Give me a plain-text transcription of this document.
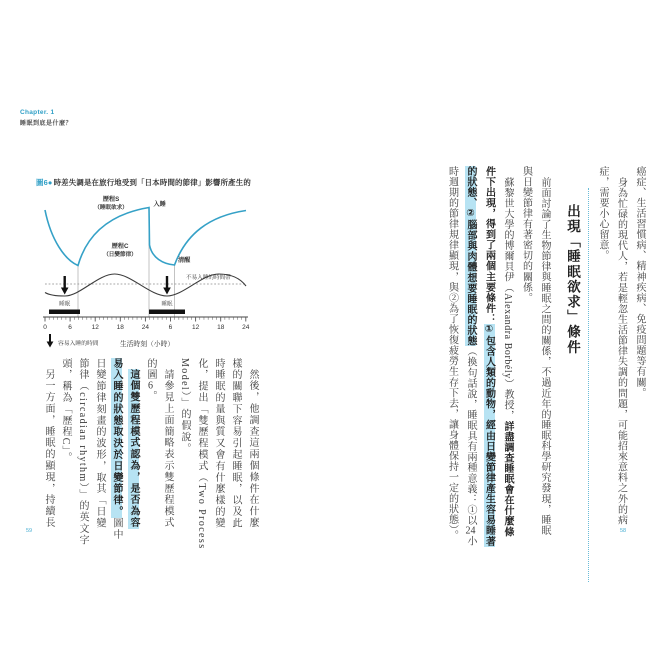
Chapter. 1
睡眠到底是什麼？
59	58
圖6●時差失調是在旅行地受到「日本時間的節律」影響所產生的
0	6	12	18	24	6	12	18	24
歷程S
（睡眠欲求）	入睡
歷程C
（日變節律）
清醒
不易入睡的時間帶
睡眠	睡眠
容易入睡的時間	生活時刻（小時）
然後，他調查這兩個條件在什麼
樣的關聯下容易引起睡眠，以及此
時睡眠的量與質又會有什麼樣的變
化，提出「雙歷程模式（Two Process
Model）」的假說。
請參見上面簡略表示雙歷程模式
的圖6。
這個雙歷程模式認為，是否為容
易入睡的狀態取決於日變節律。圖中
日變節律刻畫的波形，取其「日變
節律（circadian rhythm）」的英文字
頭，稱為「歷程C」。
另一方面，睡眠的顯現，持續長
癌症、生活習慣病、精神疾病、免疫問題等有關。
身為忙碌的現代人，若是輕忽生活節律失調的問題，可能招來意料之外的病
症，需要小心留意。
出現「睡眠欲求」條件
前面討論了生物節律與睡眠之間的關係，不過近年的睡眠科學研究發現，睡眠
與日變節律有著密切的關係。
蘇黎世大學的博爾貝伊（Alexandra Borbély）教授，詳盡調查睡眠會在什麼條
件下出現，得到了兩個主要條件：①包含人類的動物，經由日變節律產生容易睡著
的狀態、②腦部與肉體想要睡眠的狀態（換句話說，睡眠具有兩種意義：①以24小
時週期的節律規律顯現，與②為了恢復疲勞生存下去，讓身體保持一定的狀態）。
